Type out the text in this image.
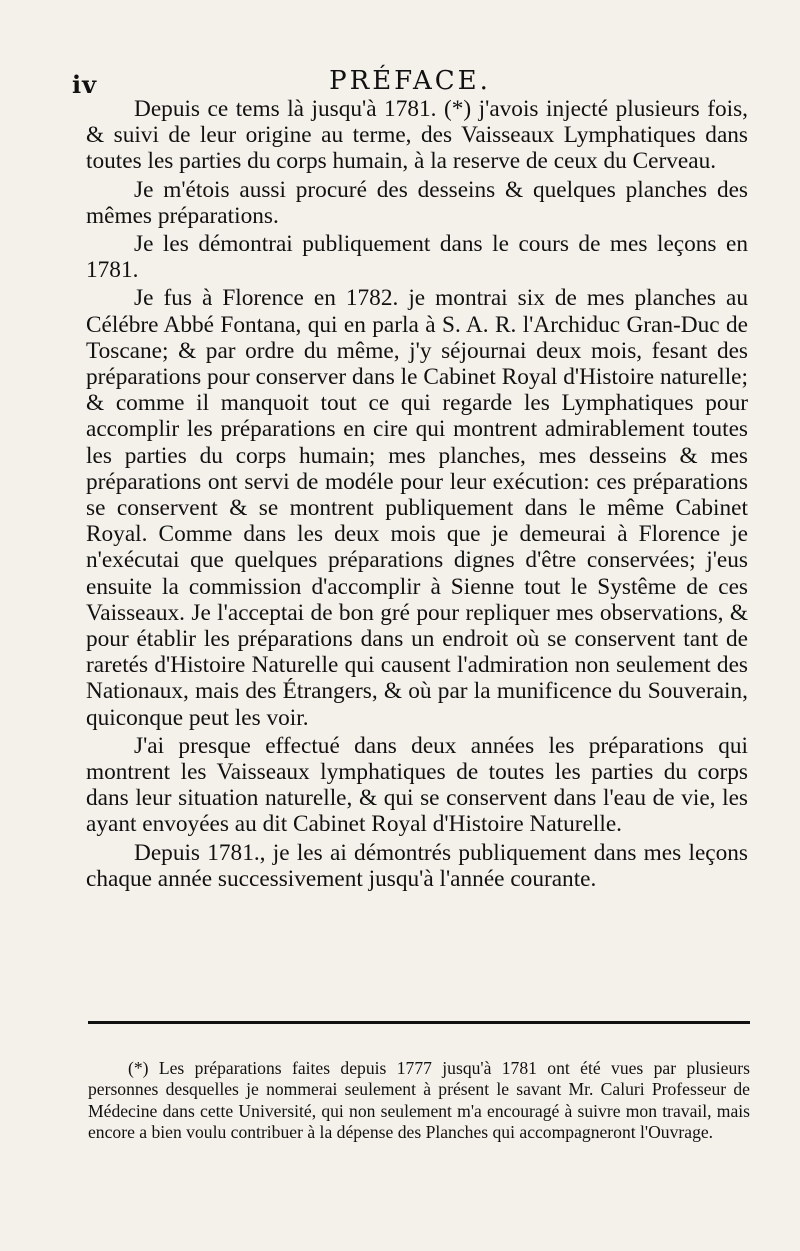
iv	PRÉFACE.

Depuis ce tems là jusqu'à 1781. (*) j'avois injecté plusieurs fois, & suivi de leur origine au terme, des Vaisseaux Lymphatiques dans toutes les parties du corps humain, à la reserve de ceux du Cerveau.

Je m'étois aussi procuré des desseins & quelques planches des mêmes préparations.

Je les démontrai publiquement dans le cours de mes leçons en 1781.

Je fus à Florence en 1782. je montrai six de mes planches au Célébre Abbé Fontana, qui en parla à S. A. R. l'Archiduc Gran-Duc de Toscane; & par ordre du même, j'y séjournai deux mois, fesant des préparations pour conserver dans le Cabinet Royal d'Histoire naturelle; & comme il manquoit tout ce qui regarde les Lymphatiques pour accomplir les préparations en cire qui montrent admirablement toutes les parties du corps humain; mes planches, mes desseins & mes préparations ont servi de modéle pour leur exécution: ces préparations se conservent & se montrent publiquement dans le même Cabinet Royal. Comme dans les deux mois que je demeurai à Florence je n'exécutai que quelques préparations dignes d'être conservées; j'eus ensuite la commission d'accomplir à Sienne tout le Systême de ces Vaisseaux. Je l'acceptai de bon gré pour repliquer mes observations, & pour établir les préparations dans un endroit où se conservent tant de raretés d'Histoire Naturelle qui causent l'admiration non seulement des Nationaux, mais des Étrangers, & où par la munificence du Souverain, quiconque peut les voir.

J'ai presque effectué dans deux années les préparations qui montrent les Vaisseaux lymphatiques de toutes les parties du corps dans leur situation naturelle, & qui se conservent dans l'eau de vie, les ayant envoyées au dit Cabinet Royal d'Histoire Naturelle.

Depuis 1781., je les ai démontrés publiquement dans mes leçons chaque année successivement jusqu'à l'année courante.

(*) Les préparations faites depuis 1777 jusqu'à 1781 ont été vues par plusieurs personnes desquelles je nommerai seulement à présent le savant Mr. Caluri Professeur de Médecine dans cette Université, qui non seulement m'a encouragé à suivre mon travail, mais encore a bien voulu contribuer à la dépense des Planches qui accompagneront l'Ouvrage.
